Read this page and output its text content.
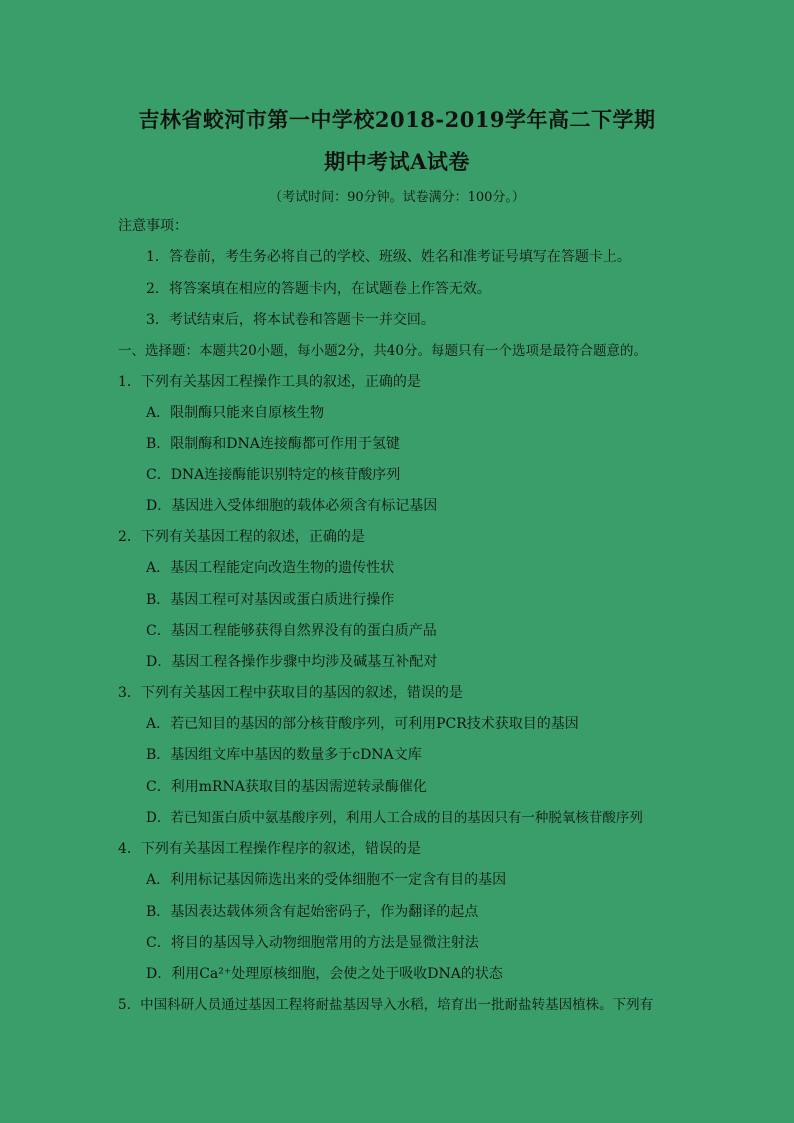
吉林省蛟河市第一中学校2018-2019学年高二下学期
期中考试A试卷
（考试时间：90分钟。试卷满分：100分。）
注意事项：
1．答卷前，考生务必将自己的学校、班级、姓名和准考证号填写在答题卡上。
2．将答案填在相应的答题卡内，在试题卷上作答无效。
3．考试结束后，将本试卷和答题卡一并交回。
一、选择题：本题共20小题，每小题2分，共40分。每题只有一个选项是最符合题意的。
1．下列有关基因工程操作工具的叙述，正确的是
A．限制酶只能来自原核生物
B．限制酶和DNA连接酶都可作用于氢键
C．DNA连接酶能识别特定的核苷酸序列
D．基因进入受体细胞的载体必须含有标记基因
2．下列有关基因工程的叙述，正确的是
A．基因工程能定向改造生物的遗传性状
B．基因工程可对基因或蛋白质进行操作
C．基因工程能够获得自然界没有的蛋白质产品
D．基因工程各操作步骤中均涉及碱基互补配对
3．下列有关基因工程中获取目的基因的叙述，错误的是
A．若已知目的基因的部分核苷酸序列，可利用PCR技术获取目的基因
B．基因组文库中基因的数量多于cDNA文库
C．利用mRNA获取目的基因需逆转录酶催化
D．若已知蛋白质中氨基酸序列，利用人工合成的目的基因只有一种脱氧核苷酸序列
4．下列有关基因工程操作程序的叙述，错误的是
A．利用标记基因筛选出来的受体细胞不一定含有目的基因
B．基因表达载体须含有起始密码子，作为翻译的起点
C．将目的基因导入动物细胞常用的方法是显微注射法
D．利用Ca²⁺处理原核细胞，会使之处于吸收DNA的状态
5．中国科研人员通过基因工程将耐盐基因导入水稻，培育出一批耐盐转基因植株。下列有
